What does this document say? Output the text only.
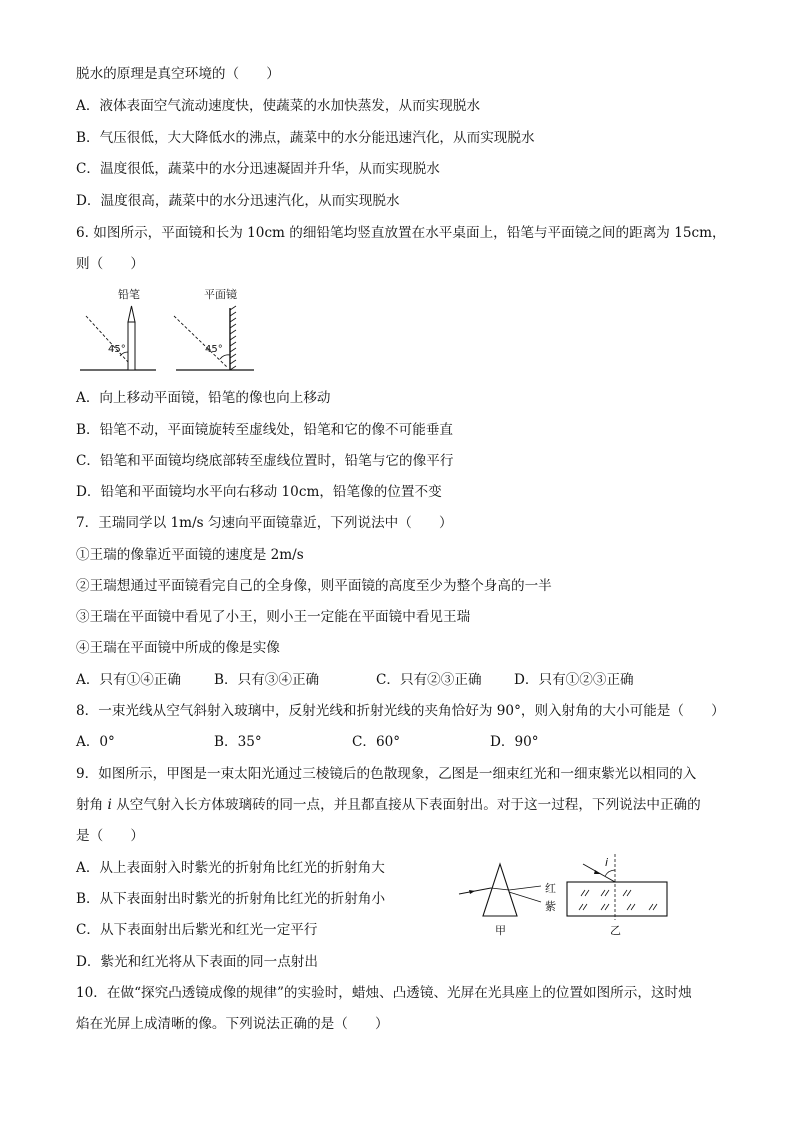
脱水的原理是真空环境的（　　）
A．液体表面空气流动速度快，使蔬菜的水加快蒸发，从而实现脱水
B．气压很低，大大降低水的沸点，蔬菜中的水分能迅速汽化，从而实现脱水
C．温度很低，蔬菜中的水分迅速凝固并升华，从而实现脱水
D．温度很高，蔬菜中的水分迅速汽化，从而实现脱水
6. 如图所示，平面镜和长为 10cm 的细铅笔均竖直放置在水平桌面上，铅笔与平面镜之间的距离为 15cm，
则（　　）
铅笔
45°
平面镜
45°
A．向上移动平面镜，铅笔的像也向上移动
B．铅笔不动，平面镜旋转至虚线处，铅笔和它的像不可能垂直
C．铅笔和平面镜均绕底部转至虚线位置时，铅笔与它的像平行
D．铅笔和平面镜均水平向右移动 10cm，铅笔像的位置不变
7．王瑞同学以 1m/s 匀速向平面镜靠近，下列说法中（　　）
①王瑞的像靠近平面镜的速度是 2m/s
②王瑞想通过平面镜看完自己的全身像，则平面镜的高度至少为整个身高的一半
③王瑞在平面镜中看见了小王，则小王一定能在平面镜中看见王瑞
④王瑞在平面镜中所成的像是实像
A．只有①④正确 B．只有③④正确	C．只有②③正确 D．只有①②③正确
8．一束光线从空气斜射入玻璃中，反射光线和折射光线的夹角恰好为 90°，则入射角的大小可能是（　　）
A．0°	B．35°	C．60°	D．90°
9．如图所示，甲图是一束太阳光通过三棱镜后的色散现象，乙图是一细束红光和一细束紫光以相同的入
射角 i 从空气射入长方体玻璃砖的同一点，并且都直接从下表面射出。对于这一过程，下列说法中正确的
是（　　）
A．从上表面射入时紫光的折射角比红光的折射角大
B．从下表面射出时紫光的折射角比红光的折射角小
C．从下表面射出后紫光和红光一定平行
D．紫光和红光将从下表面的同一点射出
红
紫
甲
i
乙
10．在做“探究凸透镜成像的规律”的实验时，蜡烛、凸透镜、光屏在光具座上的位置如图所示，这时烛
焰在光屏上成清晰的像。下列说法正确的是（　　）
